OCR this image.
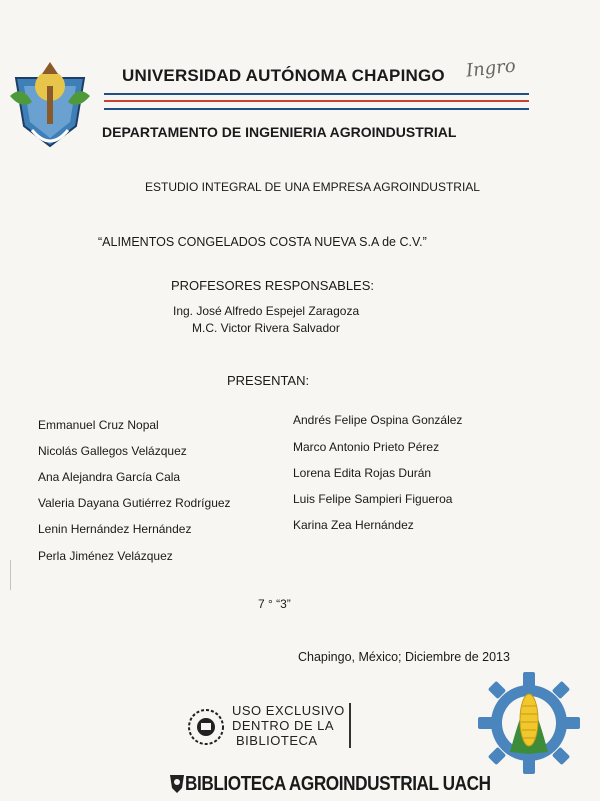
UNIVERSIDAD AUTÓNOMA CHAPINGO Ingro
DEPARTAMENTO DE INGENIERIA AGROINDUSTRIAL
ESTUDIO INTEGRAL DE UNA EMPRESA AGROINDUSTRIAL
“ALIMENTOS CONGELADOS COSTA NUEVA S.A de C.V.”
PROFESORES RESPONSABLES:
Ing. José Alfredo Espejel Zaragoza
M.C. Victor Rivera Salvador
PRESENTAN:
Emmanuel Cruz Nopal
Nicolás Gallegos Velázquez
Ana Alejandra García Cala
Valeria Dayana Gutiérrez Rodríguez
Lenin Hernández Hernández
Perla Jiménez Velázquez
Andrés Felipe Ospina González
Marco Antonio Prieto Pérez
Lorena Edita Rojas Durán
Luis Felipe Sampieri Figueroa
Karina Zea Hernández
7 ° “3”
Chapingo, México; Diciembre de 2013
USO EXCLUSIVO
DENTRO DE LA
BIBLIOTECA
BIBLIOTECA AGROINDUSTRIAL UACH
